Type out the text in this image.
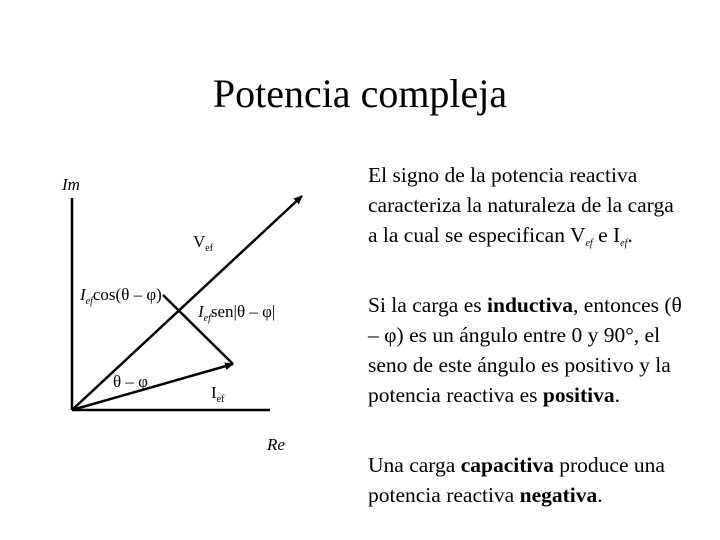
Potencia compleja
Im
Re
$V_{ef}$
$I_{ef}$
$I_{ef}\cos(\theta - \varphi)$
$I_{ef}sen|\theta - \varphi|$
θ – φ
El signo de la potencia reactiva caracteriza la naturaleza de la carga a la cual se especifican $V_{ef}$ e $I_{ef}$.
Si la carga es inductiva, entonces (θ – φ) es un ángulo entre 0 y 90°, el seno de este ángulo es positivo y la potencia reactiva es positiva.
Una carga capacitiva produce una potencia reactiva negativa.
